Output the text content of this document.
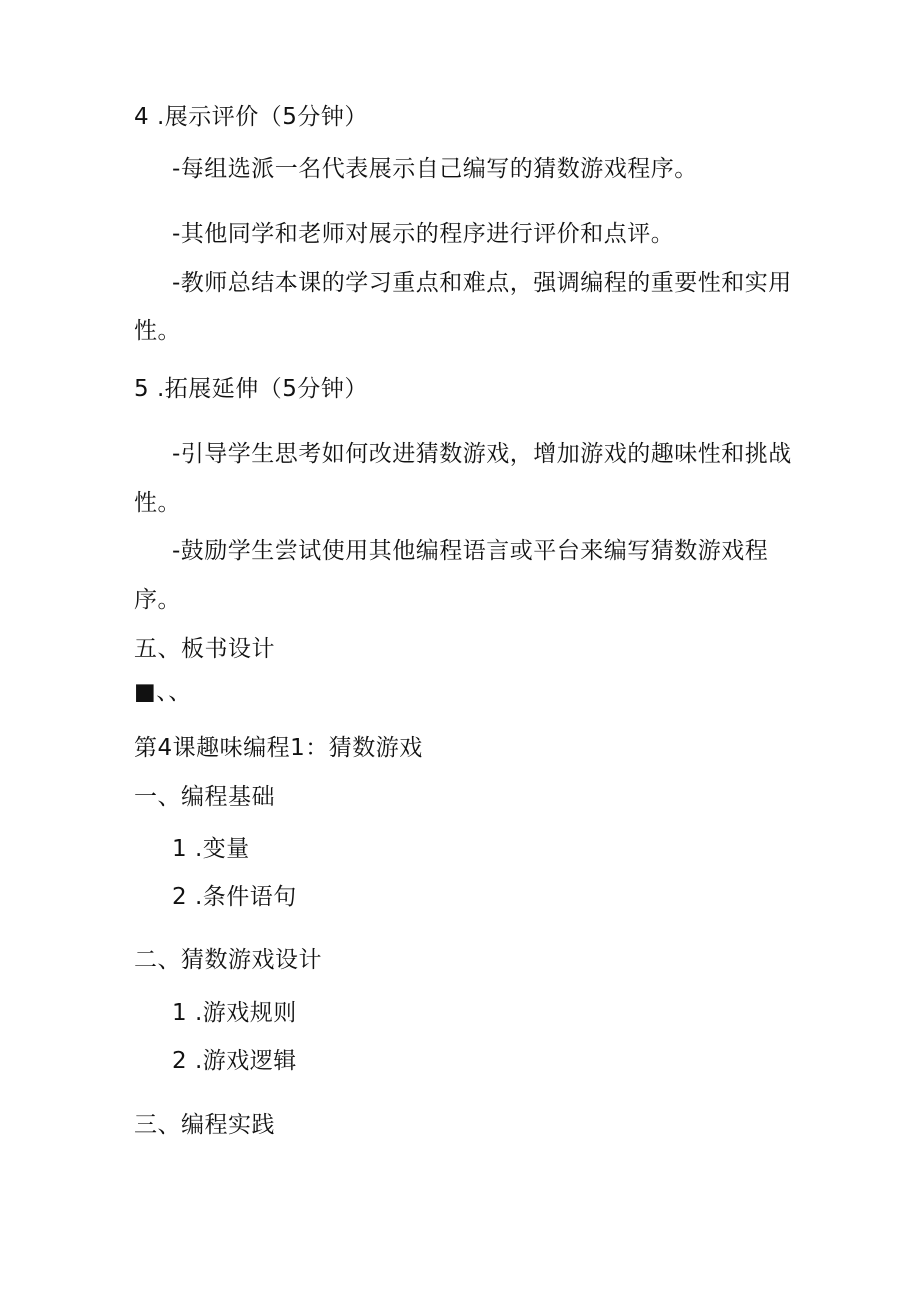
4 .展示评价（5分钟）
-每组选派一名代表展示自己编写的猜数游戏程序。
-其他同学和老师对展示的程序进行评价和点评。
-教师总结本课的学习重点和难点，强调编程的重要性和实用
性。
5 .拓展延伸（5分钟）
-引导学生思考如何改进猜数游戏，增加游戏的趣味性和挑战
性。
-鼓励学生尝试使用其他编程语言或平台来编写猜数游戏程
序。
五、板书设计
■、、
第4课趣味编程1：猜数游戏
一、编程基础
1 .变量
2 .条件语句
二、猜数游戏设计
1 .游戏规则
2 .游戏逻辑
三、编程实践
